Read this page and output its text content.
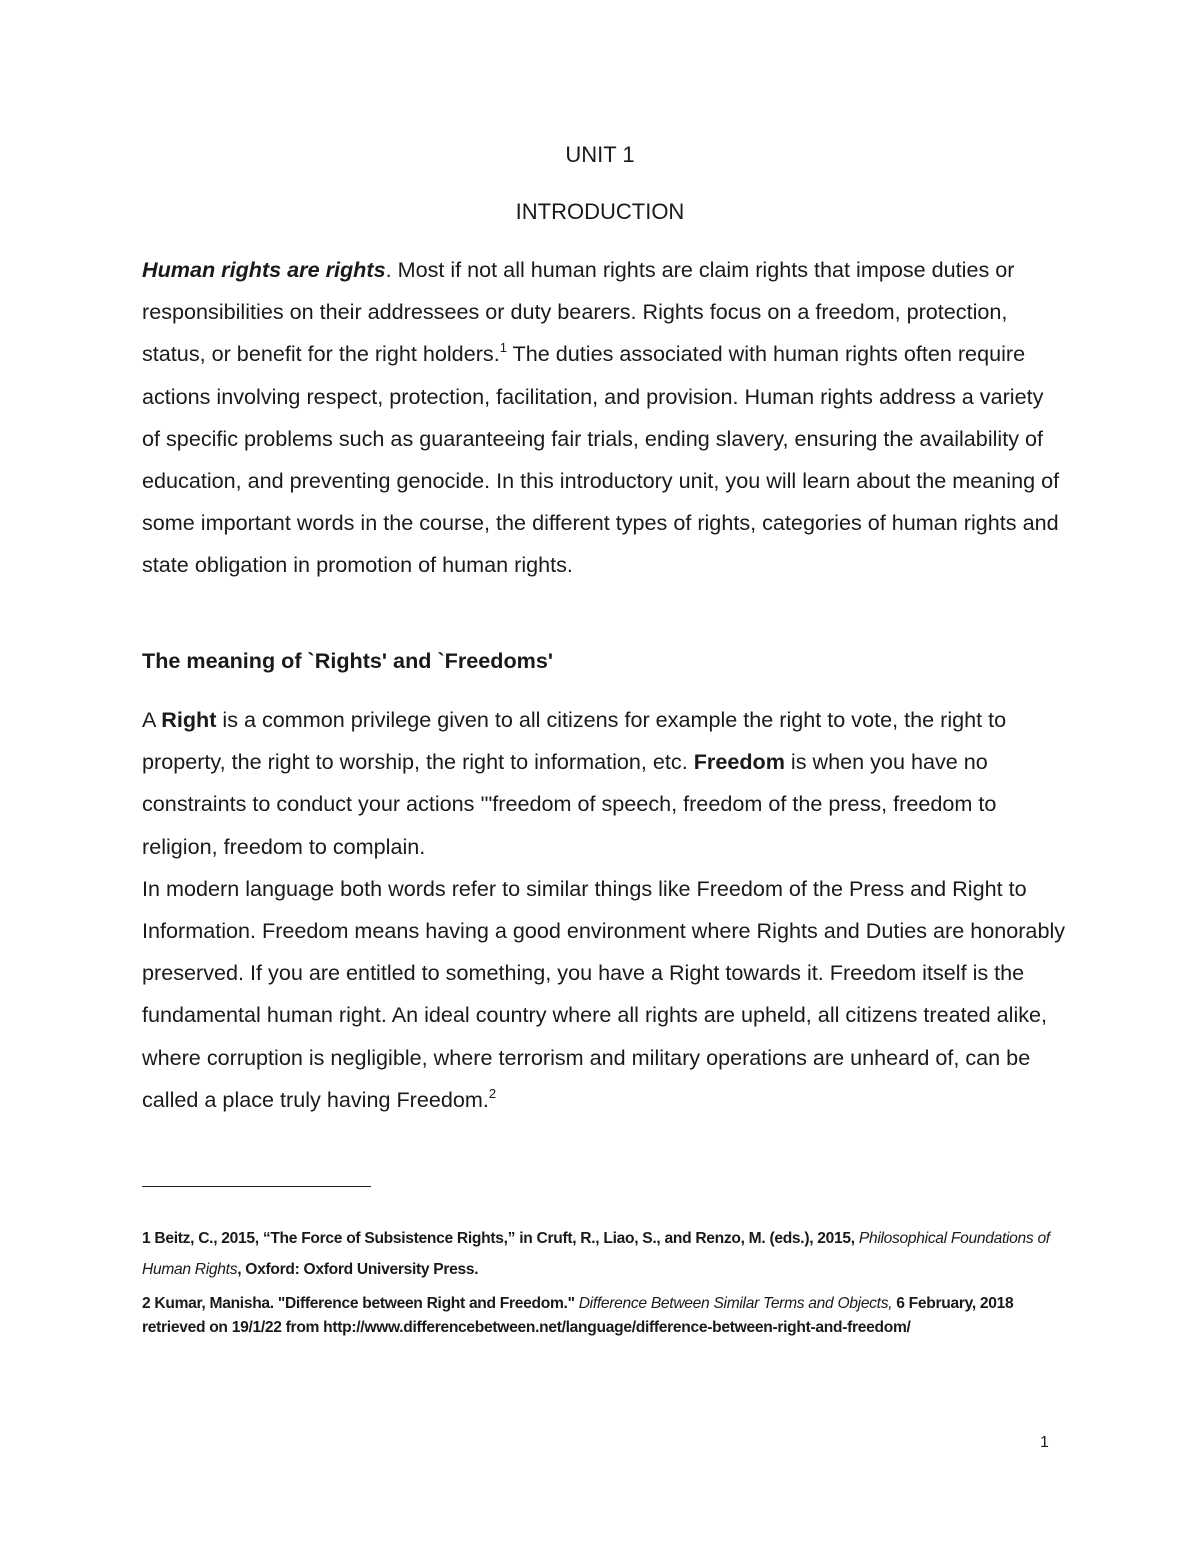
UNIT 1
INTRODUCTION
Human rights are rights. Most if not all human rights are claim rights that impose duties or responsibilities on their addressees or duty bearers. Rights focus on a freedom, protection, status, or benefit for the right holders.$^1$ The duties associated with human rights often require actions involving respect, protection, facilitation, and provision. Human rights address a variety of specific problems such as guaranteeing fair trials, ending slavery, ensuring the availability of education, and preventing genocide. In this introductory unit, you will learn about the meaning of some important words in the course, the different types of rights, categories of human rights and state obligation in promotion of human rights.
The meaning of `Rights' and `Freedoms'
A Right is a common privilege given to all citizens for example the right to vote, the right to property, the right to worship, the right to information, etc. Freedom is when you have no constraints to conduct your actions '"freedom of speech, freedom of the press, freedom to religion, freedom to complain.
In modern language both words refer to similar things like Freedom of the Press and Right to Information. Freedom means having a good environment where Rights and Duties are honorably preserved. If you are entitled to something, you have a Right towards it. Freedom itself is the fundamental human right. An ideal country where all rights are upheld, all citizens treated alike, where corruption is negligible, where terrorism and military operations are unheard of, can be called a place truly having Freedom.$^2$
1 Beitz, C., 2015, “The Force of Subsistence Rights,” in Cruft, R., Liao, S., and Renzo, M. (eds.), 2015, Philosophical Foundations of Human Rights, Oxford: Oxford University Press.
2 Kumar, Manisha. "Difference between Right and Freedom." Difference Between Similar Terms and Objects, 6 February, 2018 retrieved on 19/1/22 from http://www.differencebetween.net/language/difference-between-right-and-freedom/
1
